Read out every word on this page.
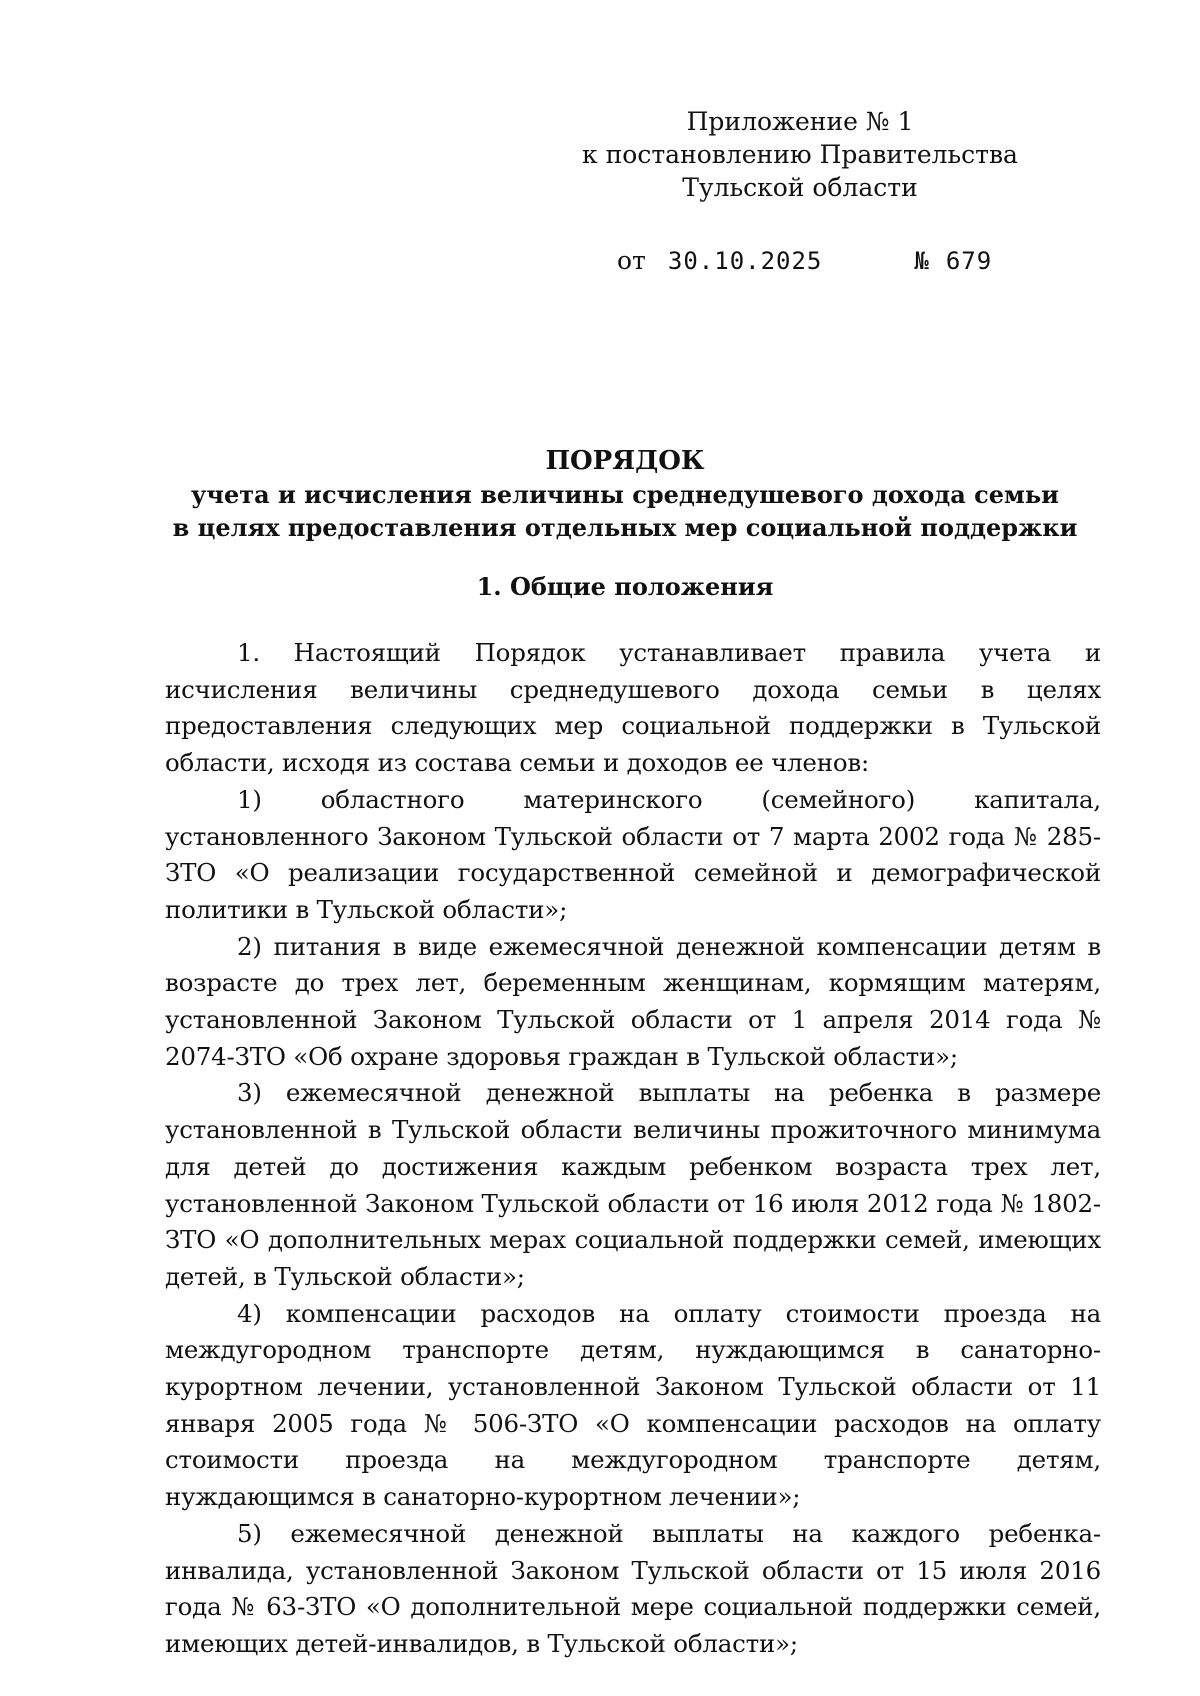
Приложение № 1
к постановлению Правительства
Тульской области
от 30.10.2025	№ 679
ПОРЯДОК
учета и исчисления величины среднедушевого дохода семьи
в целях предоставления отдельных мер социальной поддержки
1. Общие положения

1. Настоящий Порядок устанавливает правила учета и исчисления величины среднедушевого дохода семьи в целях предоставления следующих мер социальной поддержки в Тульской области, исходя из состава семьи и доходов ее членов:

1) областного материнского (семейного) капитала, установленного Законом Тульской области от 7 марта 2002 года № 285-ЗТО «О реализации государственной семейной и демографической политики в Тульской области»;

2) питания в виде ежемесячной денежной компенсации детям в возрасте до трех лет, беременным женщинам, кормящим матерям, установленной Законом Тульской области от 1 апреля 2014 года № 2074-ЗТО «Об охране здоровья граждан в Тульской области»;

3) ежемесячной денежной выплаты на ребенка в размере установленной в Тульской области величины прожиточного минимума для детей до достижения каждым ребенком возраста трех лет, установленной Законом Тульской области от 16 июля 2012 года № 1802-ЗТО «О дополнительных мерах социальной поддержки семей, имеющих детей, в Тульской области»;

4) компенсации расходов на оплату стоимости проезда на междугородном транспорте детям, нуждающимся в санаторно-курортном лечении, установленной Законом Тульской области от 11 января 2005 года № 506-ЗТО «О компенсации расходов на оплату стоимости проезда на междугородном транспорте детям, нуждающимся в санаторно-курортном лечении»;

5) ежемесячной денежной выплаты на каждого ребенка-инвалида, установленной Законом Тульской области от 15 июля 2016 года № 63-ЗТО «О дополнительной мере социальной поддержки семей, имеющих детей-инвалидов, в Тульской области»;
